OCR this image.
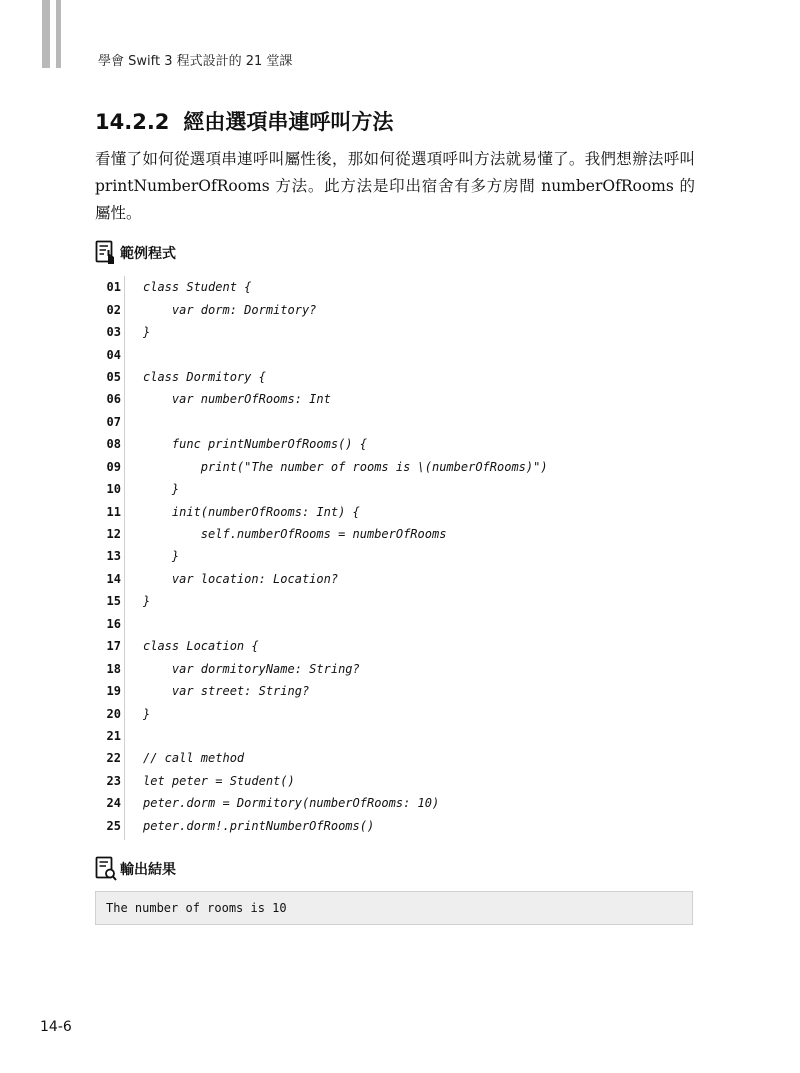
學會 Swift 3 程式設計的 21 堂課
14.2.2 經由選項串連呼叫方法

看懂了如何從選項串連呼叫屬性後，那如何從選項呼叫方法就易懂了。我們想辦法呼叫 printNumberOfRooms 方法。此方法是印出宿舍有多方房間 numberOfRooms 的屬性。

範例程式
01 class Student {
02 var dorm: Dormitory?
03 }
04
05 class Dormitory {
06 var numberOfRooms: Int
07
08 func printNumberOfRooms() {
09 print("The number of rooms is \(numberOfRooms)")
10 }
11 init(numberOfRooms: Int) {
12 self.numberOfRooms = numberOfRooms
13 }
14 var location: Location?
15 }
16
17 class Location {
18 var dormitoryName: String?
19 var street: String?
20 }
21
22 // call method
23 let peter = Student()
24 peter.dorm = Dormitory(numberOfRooms: 10)
25 peter.dorm!.printNumberOfRooms()
輸出結果
The number of rooms is 10
14-6
